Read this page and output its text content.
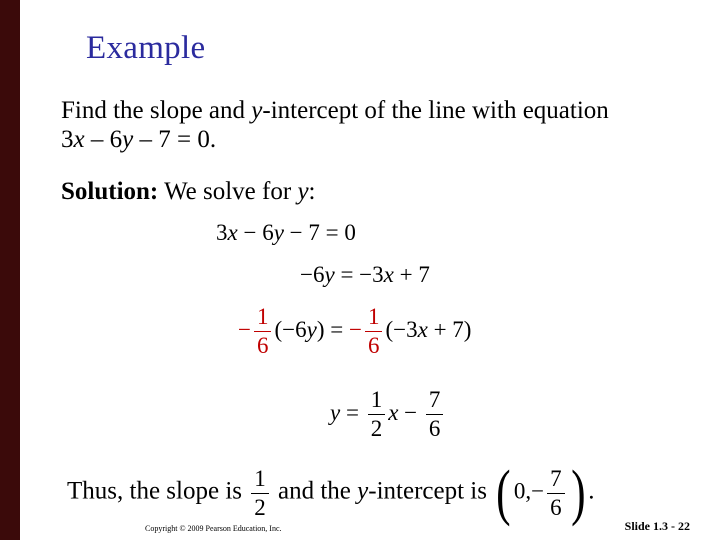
Example
Find the slope and y-intercept of the line with equation
3x – 6y – 7 = 0.
Solution: We solve for y:
3x − 6y − 7 = 0
−6y = −3x + 7
− $\frac{1}{6} (-6y)$ = − $\frac{1}{6} (-3x + 7)$
$y = \frac{1}{2}$ $x - \frac{7}{6}$
Thus, the slope is $\frac{1}{2}$ and the y-intercept is ( $0,- \frac{7}{6}$ ) .
Copyright © 2009 Pearson Education, Inc.	Slide 1.3 - 22
